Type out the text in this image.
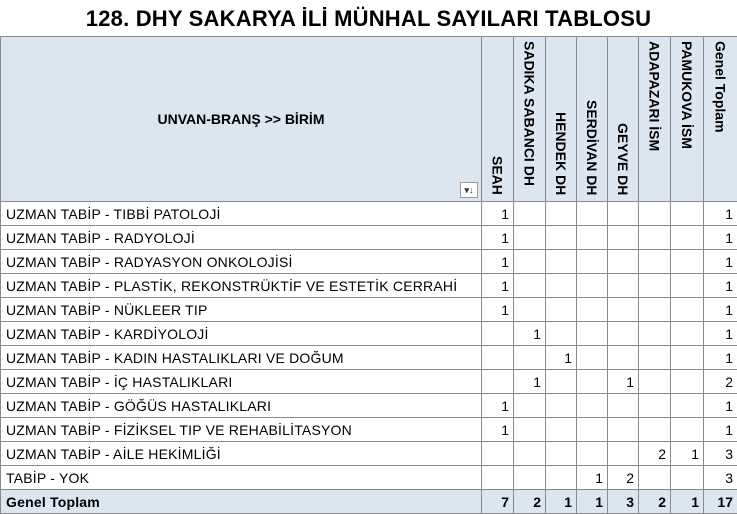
128. DHY SAKARYA İLİ MÜNHAL SAYILARI TABLOSU
UNVAN-BRANŞ >> BİRİM
▾↓	SEAH	SADIKA SABANCI DH	HENDEK DH	SERDİVAN DH	GEYVE DH	ADAPAZARI İSM	PAMUKOVA İSM	Genel Toplam

UZMAN TABİP - TIBBİ PATOLOJİ	1							1
UZMAN TABİP - RADYOLOJİ	1							1
UZMAN TABİP - RADYASYON ONKOLOJİSİ	1							1
UZMAN TABİP - PLASTİK, REKONSTRÜKTİF VE ESTETİK CERRAHİ	1							1
UZMAN TABİP - NÜKLEER TIP	1							1
UZMAN TABİP - KARDİYOLOJİ		1						1
UZMAN TABİP - KADIN HASTALIKLARI VE DOĞUM			1					1
UZMAN TABİP - İÇ HASTALIKLARI		1			1			2
UZMAN TABİP - GÖĞÜS HASTALIKLARI	1							1
UZMAN TABİP - FİZİKSEL TIP VE REHABİLİTASYON	1							1
UZMAN TABİP - AİLE HEKİMLİĞİ						2	1	3
TABİP - YOK				1	2			3
Genel Toplam	7	2	1	1	3	2	1	17
